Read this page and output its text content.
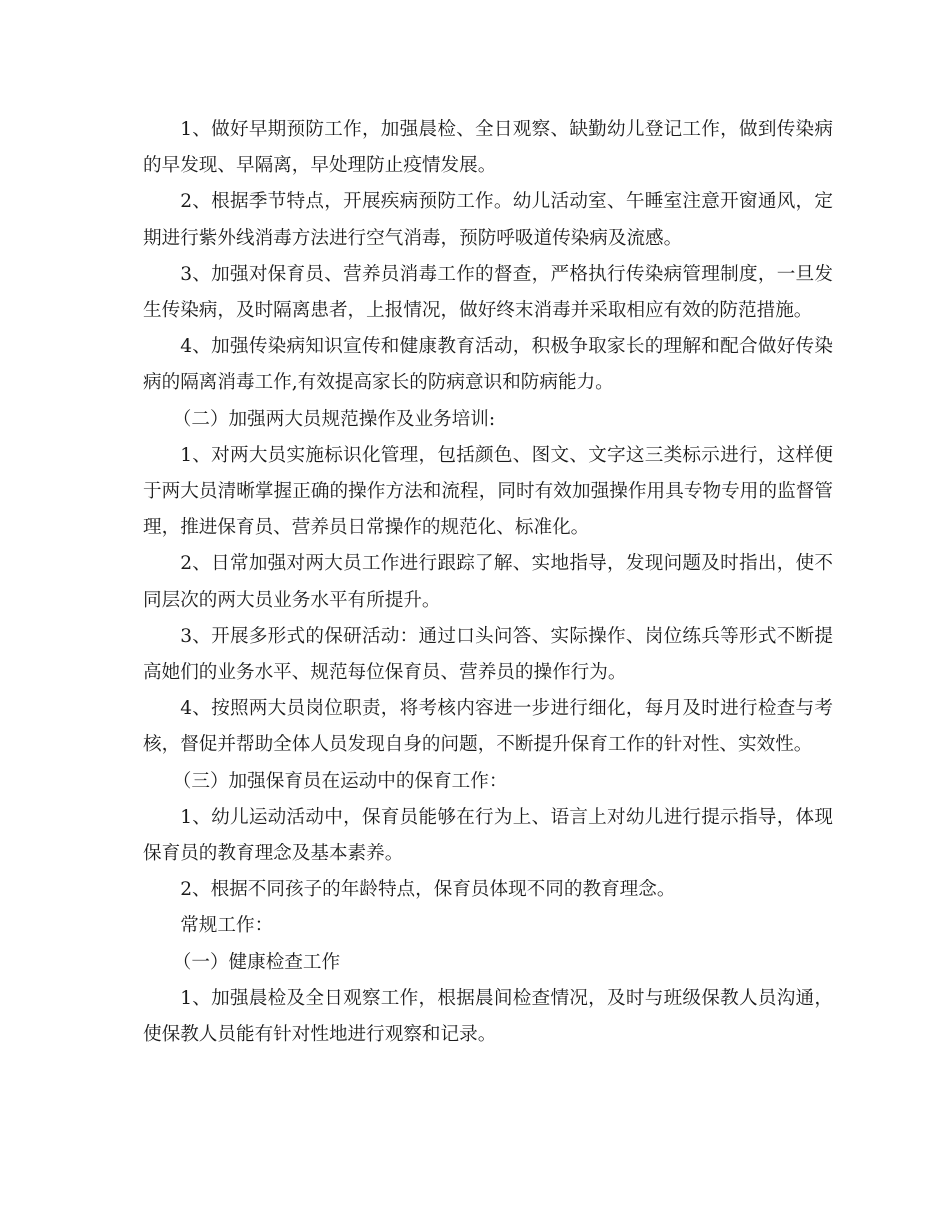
1、做好早期预防工作，加强晨检、全日观察、缺勤幼儿登记工作，做到传染病的早发现、早隔离，早处理防止疫情发展。

2、根据季节特点，开展疾病预防工作。幼儿活动室、午睡室注意开窗通风，定期进行紫外线消毒方法进行空气消毒，预防呼吸道传染病及流感。

3、加强对保育员、营养员消毒工作的督查，严格执行传染病管理制度，一旦发生传染病，及时隔离患者，上报情况，做好终末消毒并采取相应有效的防范措施。

4、加强传染病知识宣传和健康教育活动，积极争取家长的理解和配合做好传染病的隔离消毒工作,有效提高家长的防病意识和防病能力。

（二）加强两大员规范操作及业务培训:

1、对两大员实施标识化管理，包括颜色、图文、文字这三类标示进行，这样便于两大员清晰掌握正确的操作方法和流程，同时有效加强操作用具专物专用的监督管理，推进保育员、营养员日常操作的规范化、标准化。

2、日常加强对两大员工作进行跟踪了解、实地指导，发现问题及时指出，使不同层次的两大员业务水平有所提升。

3、开展多形式的保研活动：通过口头问答、实际操作、岗位练兵等形式不断提高她们的业务水平、规范每位保育员、营养员的操作行为。

4、按照两大员岗位职责，将考核内容进一步进行细化，每月及时进行检查与考核，督促并帮助全体人员发现自身的问题，不断提升保育工作的针对性、实效性。

（三）加强保育员在运动中的保育工作：

1、幼儿运动活动中，保育员能够在行为上、语言上对幼儿进行提示指导，体现保育员的教育理念及基本素养。

2、根据不同孩子的年龄特点，保育员体现不同的教育理念。

常规工作：

（一）健康检查工作

1、加强晨检及全日观察工作，根据晨间检查情况，及时与班级保教人员沟通，使保教人员能有针对性地进行观察和记录。
